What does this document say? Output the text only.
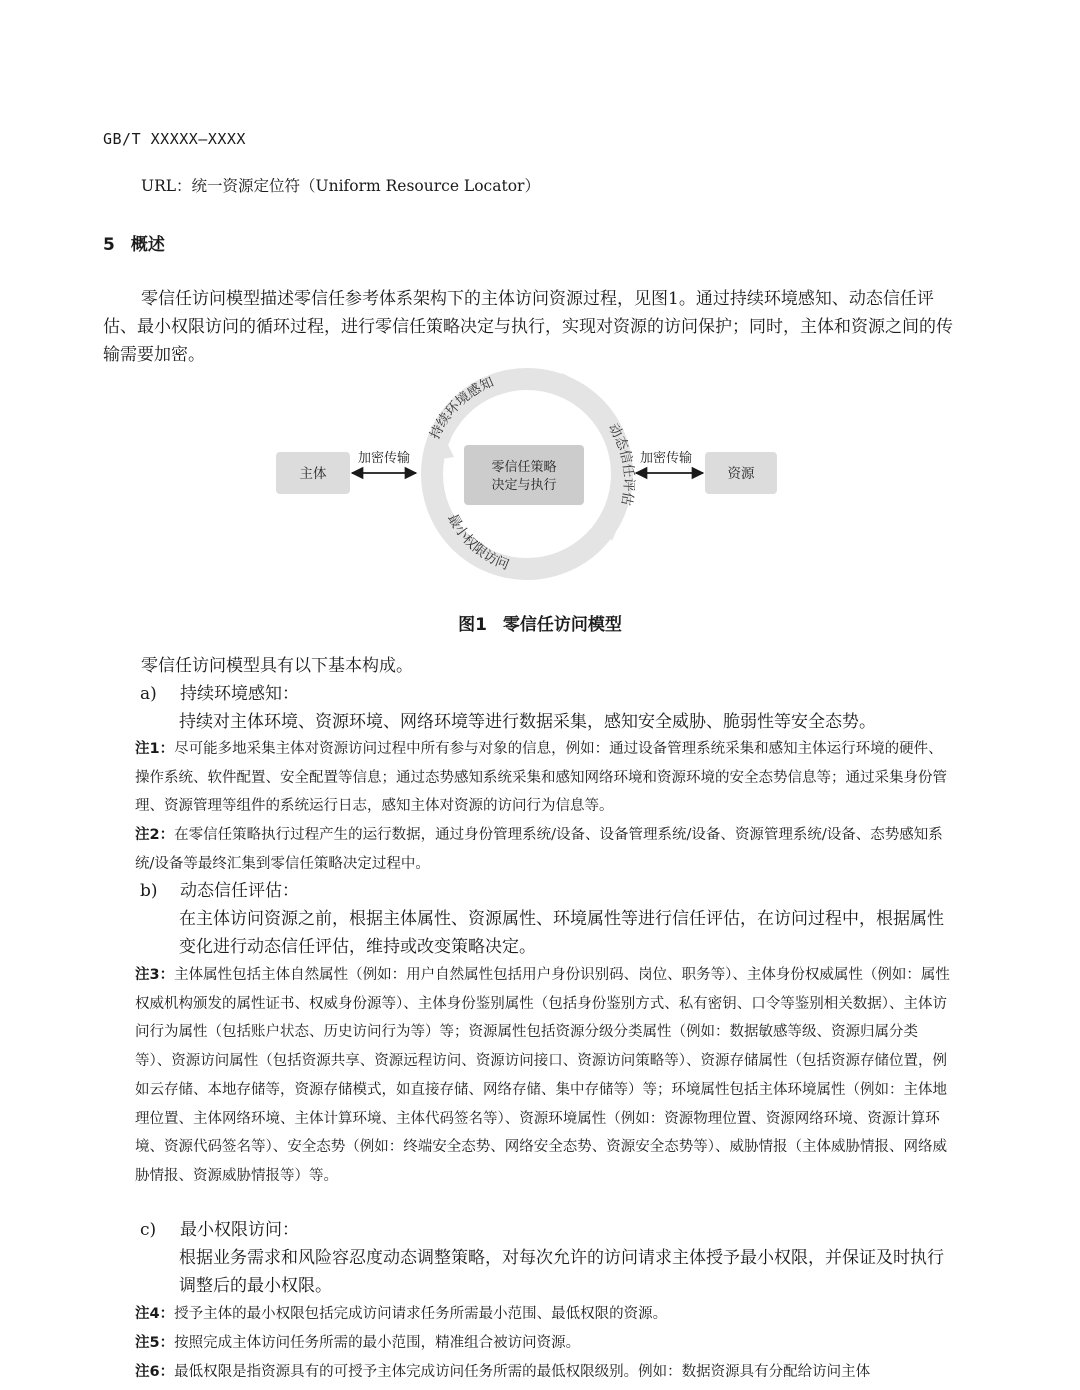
GB/T XXXXX—XXXX
URL：统一资源定位符（Uniform Resource Locator）
5 概述

零信任访问模型描述零信任参考体系架构下的主体访问资源过程，见图1。通过持续环境感知、动态信任评估、最小权限访问的循环过程，进行零信任策略决定与执行，实现对资源的访问保护；同时，主体和资源之间的传输需要加密。

持续环境感知
动态信任评估
最小权限访问
零信任策略
决定与执行
主体	资源
加密传输	加密传输
图1 零信任访问模型
零信任访问模型具有以下基本构成。
a) 持续环境感知：

持续对主体环境、资源环境、网络环境等进行数据采集，感知安全威胁、脆弱性等安全态势。

注1：尽可能多地采集主体对资源访问过程中所有参与对象的信息，例如：通过设备管理系统采集和感知主体运行环境的硬件、操作系统、软件配置、安全配置等信息；通过态势感知系统采集和感知网络环境和资源环境的安全态势信息等；通过采集身份管理、资源管理等组件的系统运行日志，感知主体对资源的访问行为信息等。

注2：在零信任策略执行过程产生的运行数据，通过身份管理系统/设备、设备管理系统/设备、资源管理系统/设备、态势感知系统/设备等最终汇集到零信任策略决定过程中。

b) 动态信任评估：

在主体访问资源之前，根据主体属性、资源属性、环境属性等进行信任评估，在访问过程中，根据属性变化进行动态信任评估，维持或改变策略决定。

注3：主体属性包括主体自然属性（例如：用户自然属性包括用户身份识别码、岗位、职务等）、主体身份权威属性（例如：属性权威机构颁发的属性证书、权威身份源等）、主体身份鉴别属性（包括身份鉴别方式、私有密钥、口令等鉴别相关数据）、主体访问行为属性（包括账户状态、历史访问行为等）等；资源属性包括资源分级分类属性（例如：数据敏感等级、资源归属分类等）、资源访问属性（包括资源共享、资源远程访问、资源访问接口、资源访问策略等）、资源存储属性（包括资源存储位置，例如云存储、本地存储等，资源存储模式，如直接存储、网络存储、集中存储等）等；环境属性包括主体环境属性（例如：主体地理位置、主体网络环境、主体计算环境、主体代码签名等）、资源环境属性（例如：资源物理位置、资源网络环境、资源计算环境、资源代码签名等）、安全态势（例如：终端安全态势、网络安全态势、资源安全态势等）、威胁情报（主体威胁情报、网络威胁情报、资源威胁情报等）等。

c) 最小权限访问：

根据业务需求和风险容忍度动态调整策略，对每次允许的访问请求主体授予最小权限，并保证及时执行调整后的最小权限。

注4：授予主体的最小权限包括完成访问请求任务所需最小范围、最低权限的资源。

注5：按照完成主体访问任务所需的最小范围，精准组合被访问资源。

注6：最低权限是指资源具有的可授予主体完成访问任务所需的最低权限级别。例如：数据资源具有分配给访问主体
